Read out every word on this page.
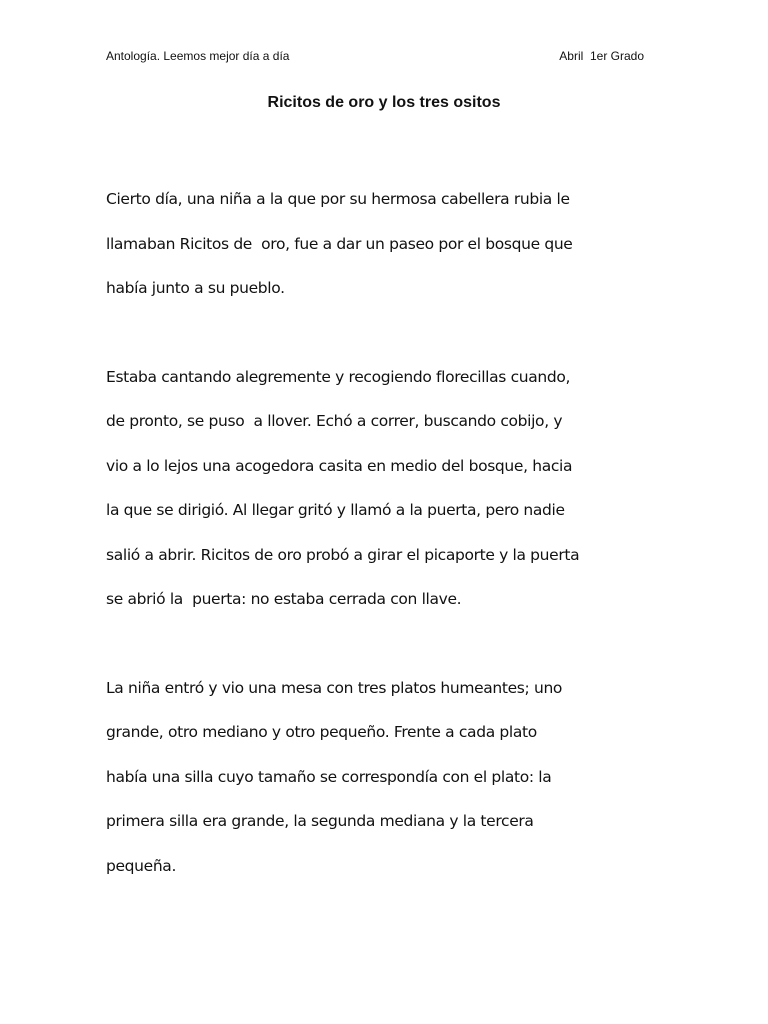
Antología. Leemos mejor día a día	Abril  1er Grado
Ricitos de oro y los tres ositos

Cierto día, una niña a la que por su hermosa cabellera rubia le
llamaban Ricitos de  oro, fue a dar un paseo por el bosque que
había junto a su pueblo.

Estaba cantando alegremente y recogiendo florecillas cuando,
de pronto, se puso  a llover. Echó a correr, buscando cobijo, y
vio a lo lejos una acogedora casita en medio del bosque, hacia
la que se dirigió. Al llegar gritó y llamó a la puerta, pero nadie
salió a abrir. Ricitos de oro probó a girar el picaporte y la puerta
se abrió la  puerta: no estaba cerrada con llave.

La niña entró y vio una mesa con tres platos humeantes; uno
grande, otro mediano y otro pequeño. Frente a cada plato
había una silla cuyo tamaño se correspondía con el plato: la
primera silla era grande, la segunda mediana y la tercera
pequeña.
